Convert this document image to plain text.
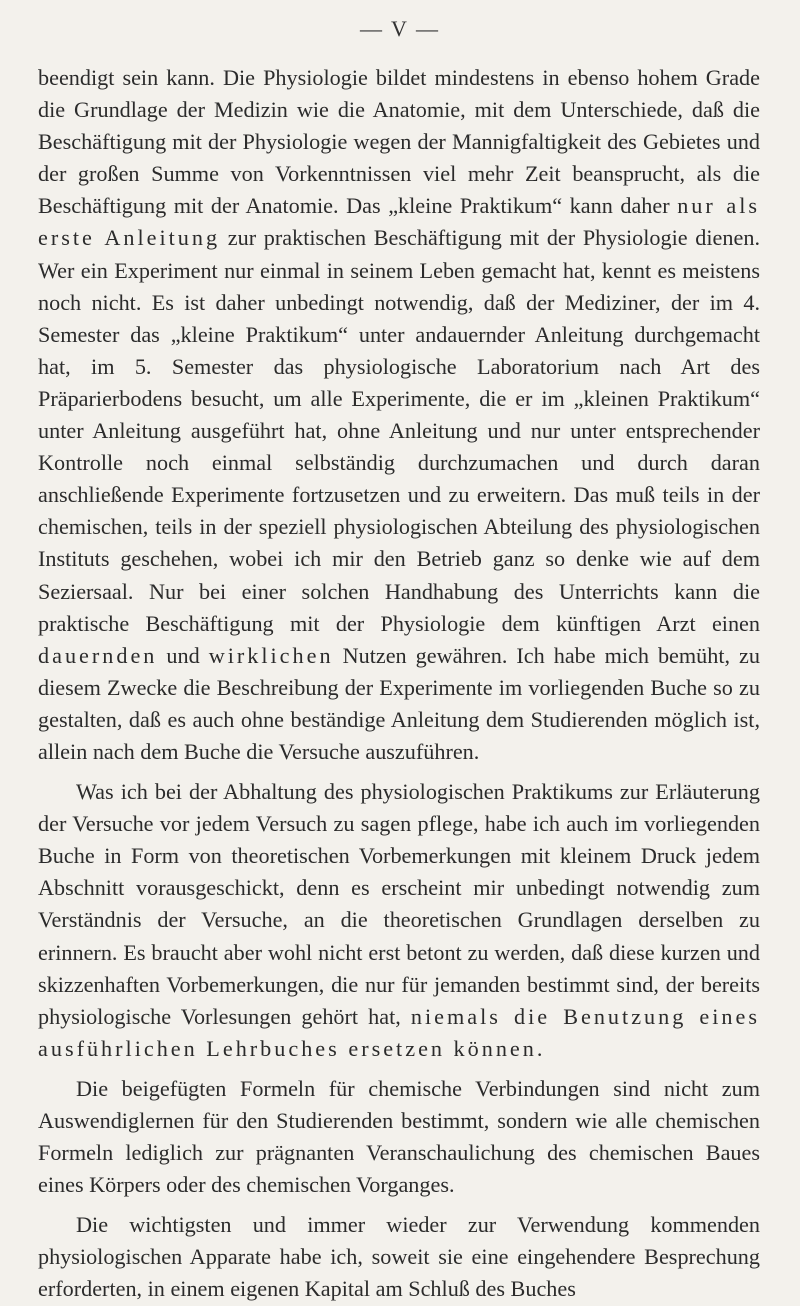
— V —

beendigt sein kann. Die Physiologie bildet mindestens in ebenso hohem Grade die Grundlage der Medizin wie die Anatomie, mit dem Unterschiede, daß die Beschäftigung mit der Physiologie wegen der Mannigfaltigkeit des Gebietes und der großen Summe von Vorkenntnissen viel mehr Zeit beansprucht, als die Beschäftigung mit der Anatomie. Das „kleine Praktikum“ kann daher nur als erste Anleitung zur praktischen Beschäftigung mit der Physiologie dienen. Wer ein Experiment nur einmal in seinem Leben gemacht hat, kennt es meistens noch nicht. Es ist daher unbedingt notwendig, daß der Mediziner, der im 4. Semester das „kleine Praktikum“ unter andauernder Anleitung durchgemacht hat, im 5. Semester das physiologische Laboratorium nach Art des Präparierbodens besucht, um alle Experimente, die er im „kleinen Praktikum“ unter Anleitung ausgeführt hat, ohne Anleitung und nur unter entsprechender Kontrolle noch einmal selbständig durchzumachen und durch daran anschließende Experimente fortzusetzen und zu erweitern. Das muß teils in der chemischen, teils in der speziell physiologischen Abteilung des physiologischen Instituts geschehen, wobei ich mir den Betrieb ganz so denke wie auf dem Seziersaal. Nur bei einer solchen Handhabung des Unterrichts kann die praktische Beschäftigung mit der Physiologie dem künftigen Arzt einen dauernden und wirklichen Nutzen gewähren. Ich habe mich bemüht, zu diesem Zwecke die Beschreibung der Experimente im vorliegenden Buche so zu gestalten, daß es auch ohne beständige Anleitung dem Studierenden möglich ist, allein nach dem Buche die Versuche auszuführen.

Was ich bei der Abhaltung des physiologischen Praktikums zur Erläuterung der Versuche vor jedem Versuch zu sagen pflege, habe ich auch im vorliegenden Buche in Form von theoretischen Vorbemerkungen mit kleinem Druck jedem Abschnitt vorausgeschickt, denn es erscheint mir unbedingt notwendig zum Verständnis der Versuche, an die theoretischen Grundlagen derselben zu erinnern. Es braucht aber wohl nicht erst betont zu werden, daß diese kurzen und skizzenhaften Vorbemerkungen, die nur für jemanden bestimmt sind, der bereits physiologische Vorlesungen gehört hat, niemals die Benutzung eines ausführlichen Lehrbuches ersetzen können.

Die beigefügten Formeln für chemische Verbindungen sind nicht zum Auswendiglernen für den Studierenden bestimmt, sondern wie alle chemischen Formeln lediglich zur prägnanten Veranschaulichung des chemischen Baues eines Körpers oder des chemischen Vorganges.

Die wichtigsten und immer wieder zur Verwendung kommenden physiologischen Apparate habe ich, soweit sie eine eingehendere Besprechung erforderten, in einem eigenen Kapital am Schluß des Buches
